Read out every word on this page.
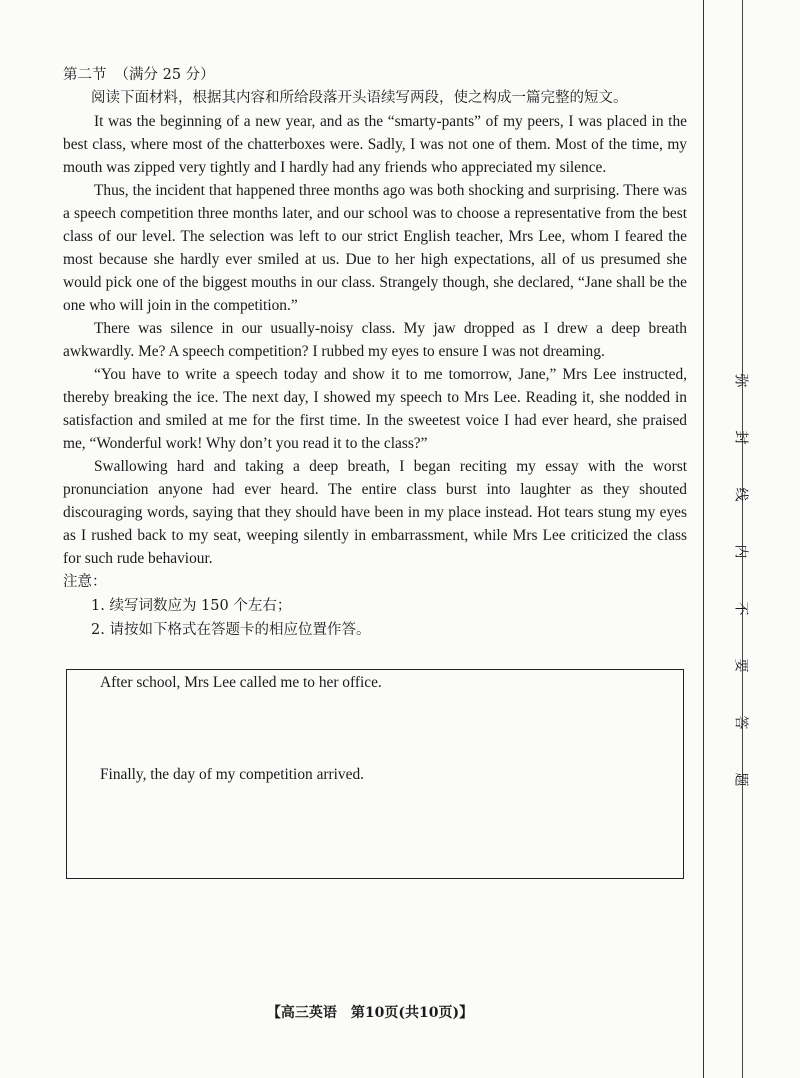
第二节 （满分 25 分）

阅读下面材料，根据其内容和所给段落开头语续写两段，使之构成一篇完整的短文。

It was the beginning of a new year, and as the “smarty-pants” of my peers, I was placed in the best class, where most of the chatterboxes were. Sadly, I was not one of them. Most of the time, my mouth was zipped very tightly and I hardly had any friends who appreciated my silence.

Thus, the incident that happened three months ago was both shocking and surprising. There was a speech competition three months later, and our school was to choose a representative from the best class of our level. The selection was left to our strict English teacher, Mrs Lee, whom I feared the most because she hardly ever smiled at us. Due to her high expectations, all of us presumed she would pick one of the biggest mouths in our class. Strangely though, she declared, “Jane shall be the one who will join in the competition.”

There was silence in our usually-noisy class. My jaw dropped as I drew a deep breath awkwardly. Me? A speech competition? I rubbed my eyes to ensure I was not dreaming.

“You have to write a speech today and show it to me tomorrow, Jane,” Mrs Lee instructed, thereby breaking the ice. The next day, I showed my speech to Mrs Lee. Reading it, she nodded in satisfaction and smiled at me for the first time. In the sweetest voice I had ever heard, she praised me, “Wonderful work! Why don’t you read it to the class?”

Swallowing hard and taking a deep breath, I began reciting my essay with the worst pronunciation anyone had ever heard. The entire class burst into laughter as they shouted discouraging words, saying that they should have been in my place instead. Hot tears stung my eyes as I rushed back to my seat, weeping silently in embarrassment, while Mrs Lee criticized the class for such rude behaviour.

注意：

1. 续写词数应为 150 个左右；

2. 请按如下格式在答题卡的相应位置作答。

After school, Mrs Lee called me to her office.
Finally, the day of my competition arrived.
【高三英语　第10页(共10页)】
弥
封
线
内
不
要
答
题
